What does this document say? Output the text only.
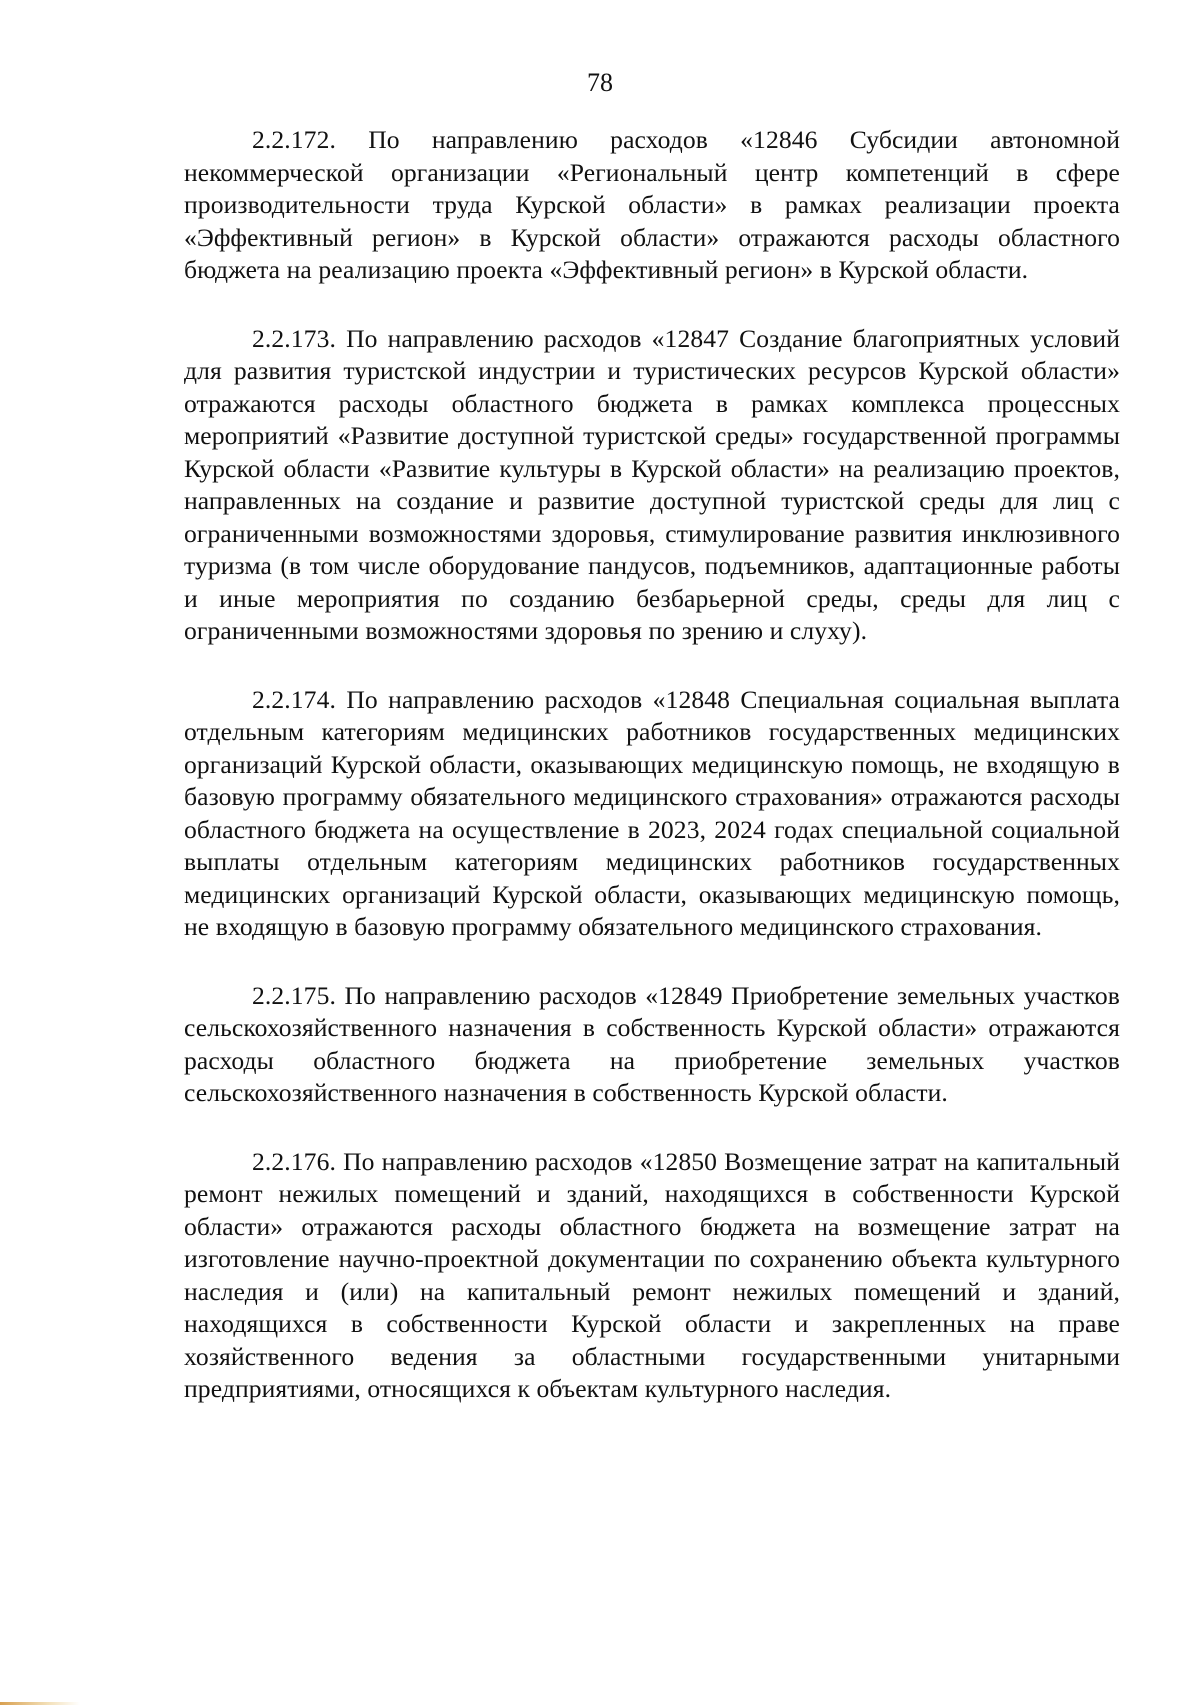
78

2.2.172. По направлению расходов «12846 Субсидии автономной некоммерческой организации «Региональный центр компетенций в сфере производительности труда Курской области» в рамках реализации проекта «Эффективный регион» в Курской области» отражаются расходы областного бюджета на реализацию проекта «Эффективный регион» в Курской области.

2.2.173. По направлению расходов «12847 Создание благоприятных условий для развития туристской индустрии и туристических ресурсов Курской области» отражаются расходы областного бюджета в рамках комплекса процессных мероприятий «Развитие доступной туристской среды» государственной программы Курской области «Развитие культуры в Курской области» на реализацию проектов, направленных на создание и развитие доступной туристской среды для лиц с ограниченными возможностями здоровья, стимулирование развития инклюзивного туризма (в том числе оборудование пандусов, подъемников, адаптационные работы и иные мероприятия по созданию безбарьерной среды, среды для лиц с ограниченными возможностями здоровья по зрению и слуху).

2.2.174. По направлению расходов «12848 Специальная социальная выплата отдельным категориям медицинских работников государственных медицинских организаций Курской области, оказывающих медицинскую помощь, не входящую в базовую программу обязательного медицинского страхования» отражаются расходы областного бюджета на осуществление в 2023, 2024 годах специальной социальной выплаты отдельным категориям медицинских работников государственных медицинских организаций Курской области, оказывающих медицинскую помощь, не входящую в базовую программу обязательного медицинского страхования.

2.2.175. По направлению расходов «12849 Приобретение земельных участков сельскохозяйственного назначения в собственность Курской области» отражаются расходы областного бюджета на приобретение земельных участков сельскохозяйственного назначения в собственность Курской области.

2.2.176. По направлению расходов «12850 Возмещение затрат на капитальный ремонт нежилых помещений и зданий, находящихся в собственности Курской области» отражаются расходы областного бюджета на возмещение затрат на изготовление научно-проектной документации по сохранению объекта культурного наследия и (или) на капитальный ремонт нежилых помещений и зданий, находящихся в собственности Курской области и закрепленных на праве хозяйственного ведения за областными государственными унитарными предприятиями, относящихся к объектам культурного наследия.
